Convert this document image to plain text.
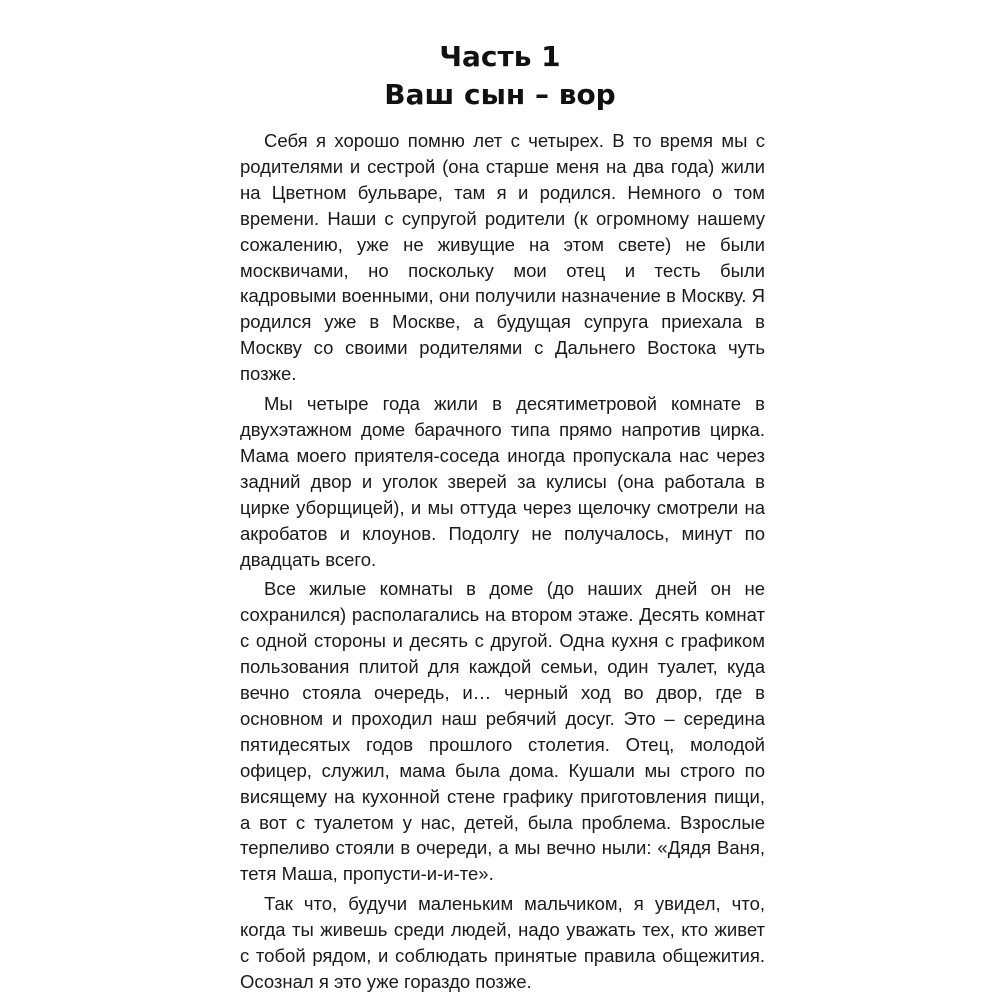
Часть 1
Ваш сын – вор

Себя я хорошо помню лет с четырех. В то время мы с родителями и сестрой (она старше меня на два года) жили на Цветном бульваре, там я и родился. Немного о том времени. Наши с супругой родители (к огромному нашему сожалению, уже не живущие на этом свете) не были москвичами, но поскольку мои отец и тесть были кадровыми военными, они получили назначение в Москву. Я родился уже в Москве, а будущая супруга приехала в Москву со своими родителями с Дальнего Востока чуть позже.

Мы четыре года жили в десятиметровой комнате в двухэтажном доме барачного типа прямо напротив цирка. Мама моего приятеля-соседа иногда пропускала нас через задний двор и уголок зверей за кулисы (она работала в цирке уборщицей), и мы оттуда через щелочку смотрели на акробатов и клоунов. Подолгу не получалось, минут по двадцать всего.

Все жилые комнаты в доме (до наших дней он не сохранился) располагались на втором этаже. Десять комнат с одной стороны и десять с другой. Одна кухня с графиком пользования плитой для каждой семьи, один туалет, куда вечно стояла очередь, и… черный ход во двор, где в основном и проходил наш ребячий досуг. Это – середина пятидесятых годов прошлого столетия. Отец, молодой офицер, служил, мама была дома. Кушали мы строго по висящему на кухонной стене графику приготовления пищи, а вот с туалетом у нас, детей, была проблема. Взрослые терпеливо стояли в очереди, а мы вечно ныли: «Дядя Ваня, тетя Маша, пропусти-и-и-те».

Так что, будучи маленьким мальчиком, я увидел, что, когда ты живешь среди людей, надо уважать тех, кто живет с тобой рядом, и соблюдать принятые правила общежития. Осознал я это уже гораздо позже.
